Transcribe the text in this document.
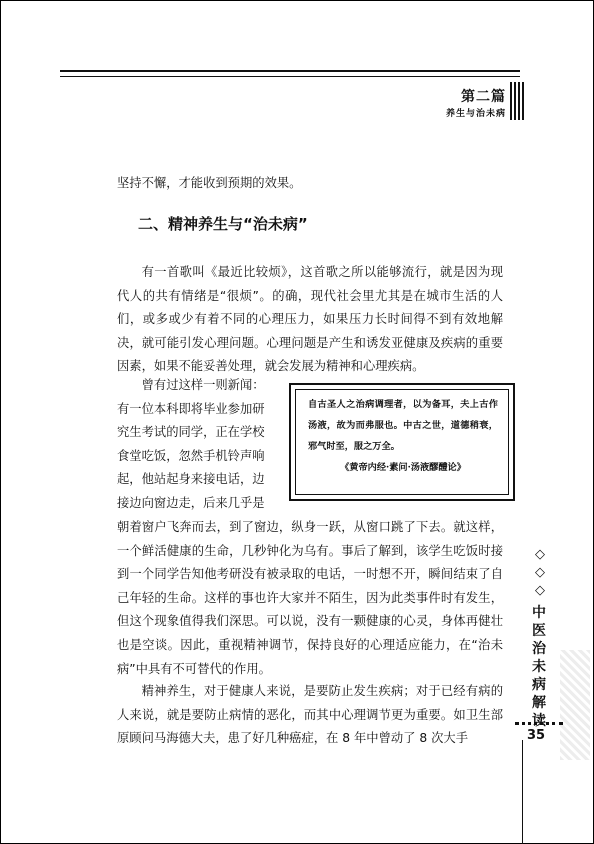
第二篇
养生与治未病

坚持不懈，才能收到预期的效果。

二、精神养生与“治未病”

有一首歌叫《最近比较烦》，这首歌之所以能够流行，就是因为现代人的共有情绪是“很烦”。的确，现代社会里尤其是在城市生活的人们，或多或少有着不同的心理压力，如果压力长时间得不到有效地解决，就可能引发心理问题。心理问题是产生和诱发亚健康及疾病的重要因素，如果不能妥善处理，就会发展为精神和心理疾病。

曾有过这样一则新闻：
有一位本科即将毕业参加研
究生考试的同学，正在学校
食堂吃饭，忽然手机铃声响
起，他站起身来接电话，边
接边向窗边走，后来几乎是
自古圣人之治病调理者，以为备耳，夫上古作汤液，故为而弗服也。中古之世，道德稍衰，邪气时至，服之万全。
《黄帝内经·素问·汤液醪醴论》

朝着窗户飞奔而去，到了窗边，纵身一跃，从窗口跳了下去。就这样，一个鲜活健康的生命，几秒钟化为乌有。事后了解到，该学生吃饭时接到一个同学告知他考研没有被录取的电话，一时想不开，瞬间结束了自己年轻的生命。这样的事也许大家并不陌生，因为此类事件时有发生，但这个现象值得我们深思。可以说，没有一颗健康的心灵，身体再健壮也是空谈。因此，重视精神调节，保持良好的心理适应能力，在“治未病”中具有不可替代的作用。

精神养生，对于健康人来说，是要防止发生疾病；对于已经有病的人来说，就是要防止病情的恶化，而其中心理调节更为重要。如卫生部原顾问马海德大夫，患了好几种癌症，在 8 年中曾动了 8 次大手

◇ ◇ ◇
中医治未病解读
35
